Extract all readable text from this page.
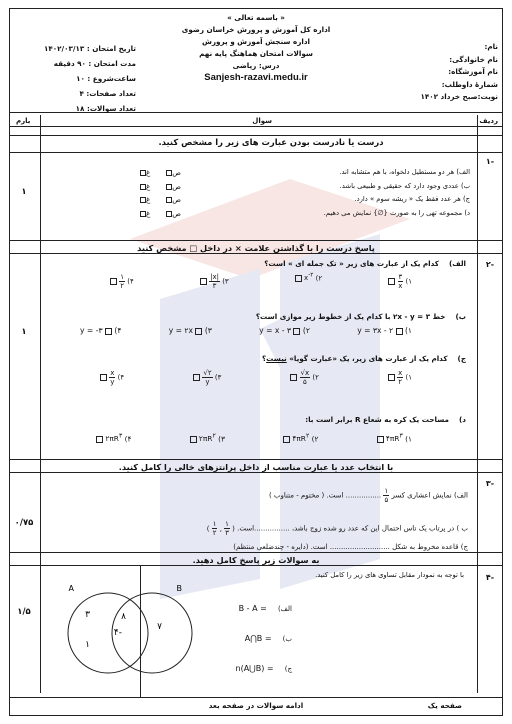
« باسمه تعالی »
اداره کل آموزش و پرورش خراسان رضوی
اداره سنجش آموزش و پرورش
سوالات امتحان هماهنگ پایه نهم
درس: ریاضی
Sanjesh-razavi.medu.ir
نام:
نام خانوادگی:
نام آموزشگاه:
شمارهٔ داوطلب:
نوبت:صبح خرداد ۱۴۰۲
تاریخ امتحان : ۱۴۰۲/۰۳/۱۳
مدت امتحان : ۹۰ دقیقه
ساعت‌شروع : ۱۰
تعداد صفحات: ۴
تعداد سوالات: ۱۸
ردیف
سوال
بارم
-۱
درست یا نادرست بودن عبارت های زیر را مشخص کنید.
الف) هر دو مستطیل دلخواه، با هم متشابه اند.
ب) عددی وجود دارد که حقیقی و طبیعی باشد.
ج) هر عدد فقط یک « ریشه سوم » دارد.
د) مجموعه تهی را به صورت {∅} نمایش می دهیم.
ص
غ
ص
غ
ص
غ
ص
غ
۱
پاسخ درست را با گذاشتن علامت × در داخل □ مشخص کنید
-۲
الف)    کدام یک از عبارت های زیر « تک جمله ای » است؟
۱)
۳
x
۲) $x^{-۲}$
۳)
|x|
۳
۴)
۱
۲
ب)    خط ۳ = ۲x - y با کدام یک از خطوط زیر موازی است؟
۱)  y = ۳x - ۲
۲)  y = x - ۳
۳)  y = ۲x
۴)  y = -۳
ج)    کدام یک از عبارت های زیر، یک «عبارت گویا» نیست؟
۱)
x
۲
۲)
√x
۵
۳)
√۲
y
۴)
$\frac{x}{y}$
د)    مساحت یک کره به شعاع R برابر است با:
۱) $۴\pi R^۳$
۲) $۴\pi R^۲$
۳) $۲\pi R^۲$
۴) $۲\pi R^۳$
۱
با انتخاب عدد یا عبارت مناسب از داخل پرانتزهای خالی را کامل کنید.
-۳
الف) نمایش اعشاری کسر
۱
۵ ................ است. ( مختوم - متناوب )
ب ) در پرتاب یک تاس احتمال این که عدد رو شده زوج باشد، ................است. (
۱
۲ ,
۱
۳ )
ج) قاعده مخروط به شکل ........................... است. (دایره - چندضلعی منتظم)
۰/۷۵
به سوالات زیر پاسخ کامل دهید.
-۴
با توجه به نمودار مقابل تساوی های زیر را کامل کنید.
الف)     B - A =
ب)     A⋂B =
ج)     n(A⋃B) =
A	B
۳
۱
۸
-۴
۷
۱/۵
صفحه یک
ادامه سوالات در صفحه بعد
